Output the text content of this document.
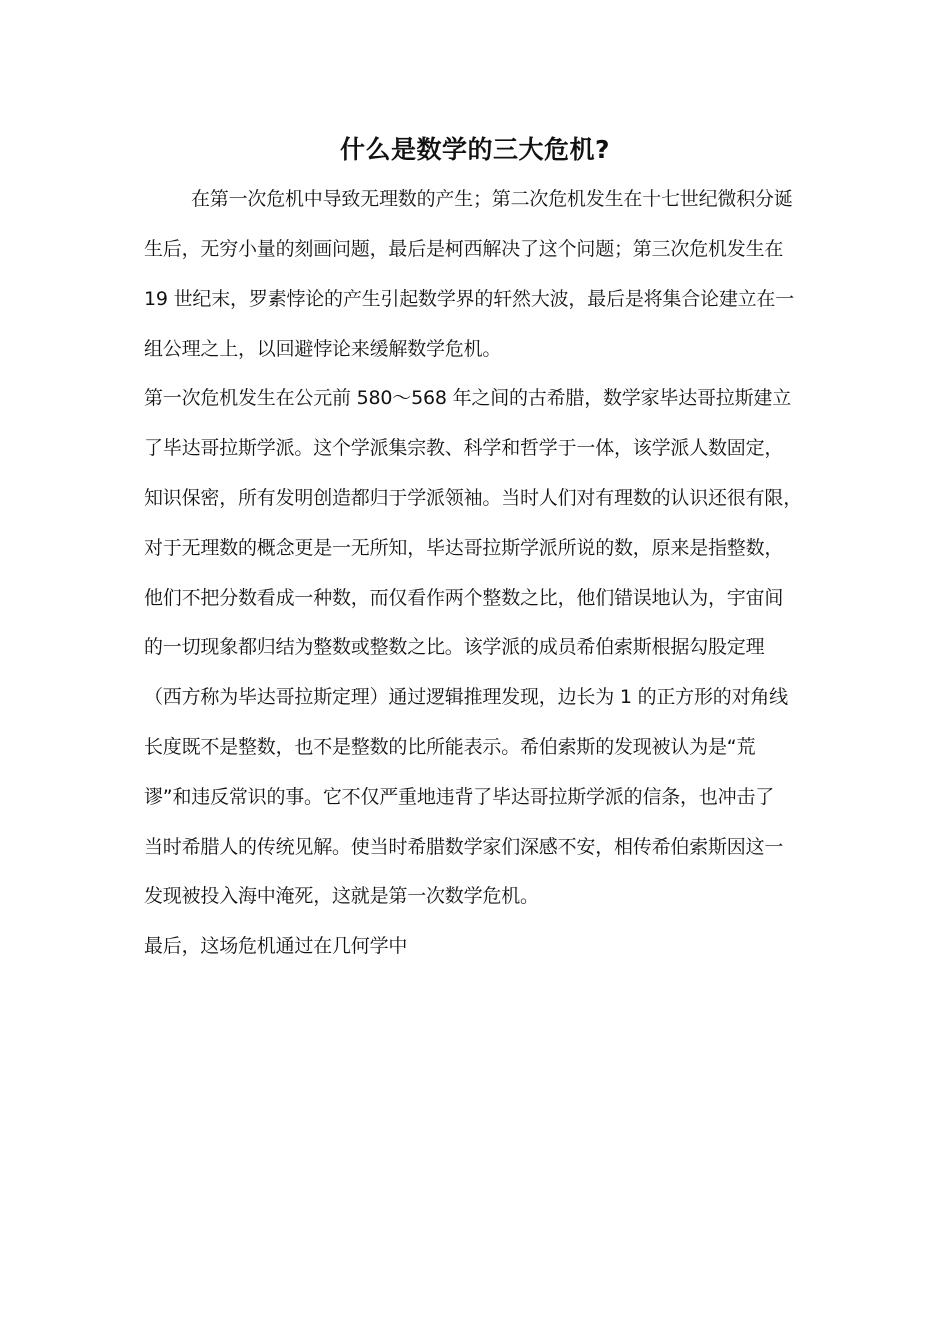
什么是数学的三大危机?
在第一次危机中导致无理数的产生；第二次危机发生在十七世纪微积分诞
生后，无穷小量的刻画问题，最后是柯西解决了这个问题；第三次危机发生在
19 世纪末，罗素悖论的产生引起数学界的轩然大波，最后是将集合论建立在一
组公理之上，以回避悖论来缓解数学危机。
第一次危机发生在公元前 580～568 年之间的古希腊，数学家毕达哥拉斯建立
了毕达哥拉斯学派。这个学派集宗教、科学和哲学于一体，该学派人数固定，
知识保密，所有发明创造都归于学派领袖。当时人们对有理数的认识还很有限，
对于无理数的概念更是一无所知，毕达哥拉斯学派所说的数，原来是指整数，
他们不把分数看成一种数，而仅看作两个整数之比，他们错误地认为，宇宙间
的一切现象都归结为整数或整数之比。该学派的成员希伯索斯根据勾股定理
（西方称为毕达哥拉斯定理）通过逻辑推理发现，边长为 1 的正方形的对角线
长度既不是整数，也不是整数的比所能表示。希伯索斯的发现被认为是“荒
谬”和违反常识的事。它不仅严重地违背了毕达哥拉斯学派的信条，也冲击了
当时希腊人的传统见解。使当时希腊数学家们深感不安，相传希伯索斯因这一
发现被投入海中淹死，这就是第一次数学危机。
最后，这场危机通过在几何学中
